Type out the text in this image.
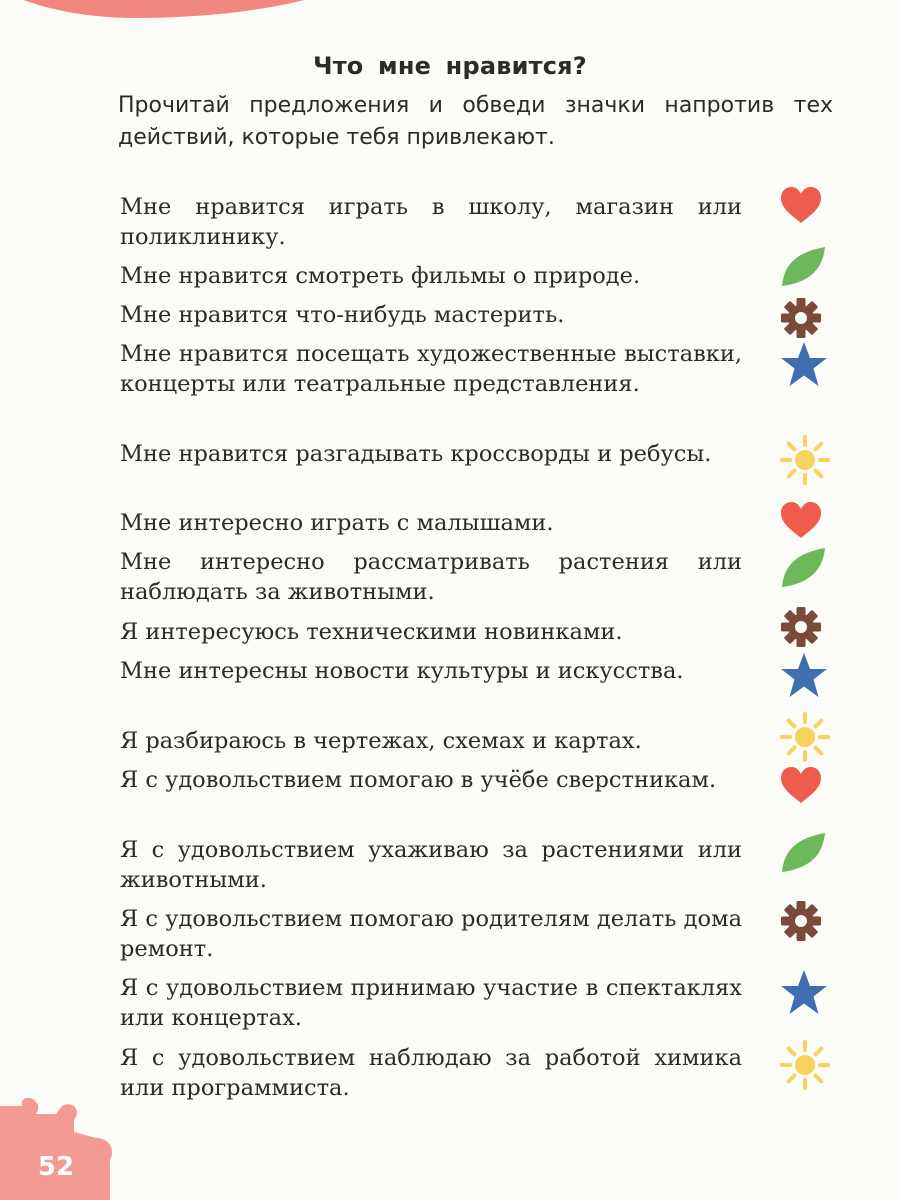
Что мне нравится?
Прочитай предложения и обведи значки напротив тех действий, которые тебя привлекают.
Мне нравится играть в школу, магазин или поликлинику.
Мне нравится смотреть фильмы о природе.
Мне нравится что-нибудь мастерить.
Мне нравится посещать художественные выставки, концерты или театральные представления.
Мне нравится разгадывать кроссворды и ребусы.
Мне интересно играть с малышами.
Мне интересно рассматривать растения или наблюдать за животными.
Я интересуюсь техническими новинками.
Мне интересны новости культуры и искусства.
Я разбираюсь в чертежах, схемах и картах.
Я с удовольствием помогаю в учёбе сверстникам.
Я с удовольствием ухаживаю за растениями или животными.
Я с удовольствием помогаю родителям делать дома ремонт.
Я с удовольствием принимаю участие в спектаклях или концертах.
Я с удовольствием наблюдаю за работой химика или программиста.
52
